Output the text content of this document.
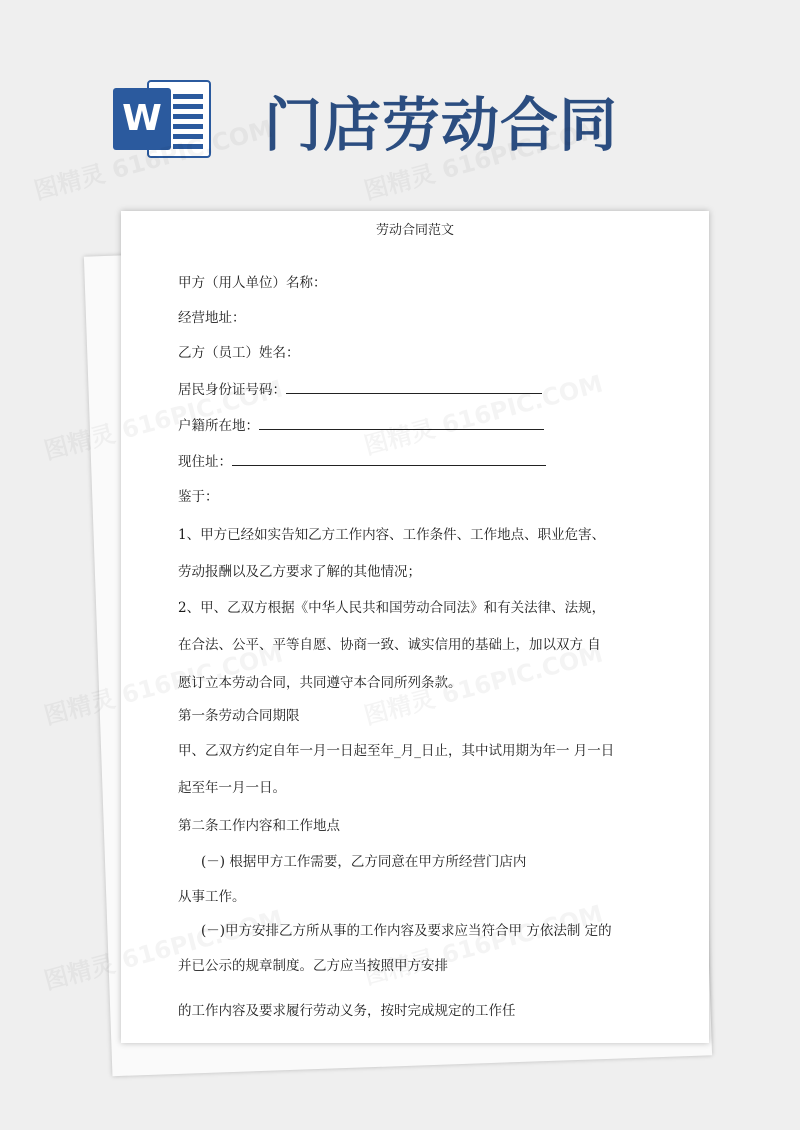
W 门店劳动合同
劳动合同范文
甲方（用人单位）名称：
经营地址：
乙方（员工）姓名：
居民身份证号码：
户籍所在地：
现住址：
鉴于：
1、甲方已经如实告知乙方工作内容、工作条件、工作地点、职业危害、
劳动报酬以及乙方要求了解的其他情况；
2、甲、乙双方根据《中华人民共和国劳动合同法》和有关法律、法规，
在合法、公平、平等自愿、协商一致、诚实信用的基础上，加以双方 自
愿订立本劳动合同，共同遵守本合同所列条款。
第一条劳动合同期限
甲、乙双方约定自年一月一日起至年_月_日止，其中试用期为年一 月一日
起至年一月一日。
第二条工作内容和工作地点
(－) 根据甲方工作需要，乙方同意在甲方所经营门店内
从事工作。
(－)甲方安排乙方所从事的工作内容及要求应当符合甲 方依法制 定的
并已公示的规章制度。乙方应当按照甲方安排
的工作内容及要求履行劳动义务，按时完成规定的工作任
